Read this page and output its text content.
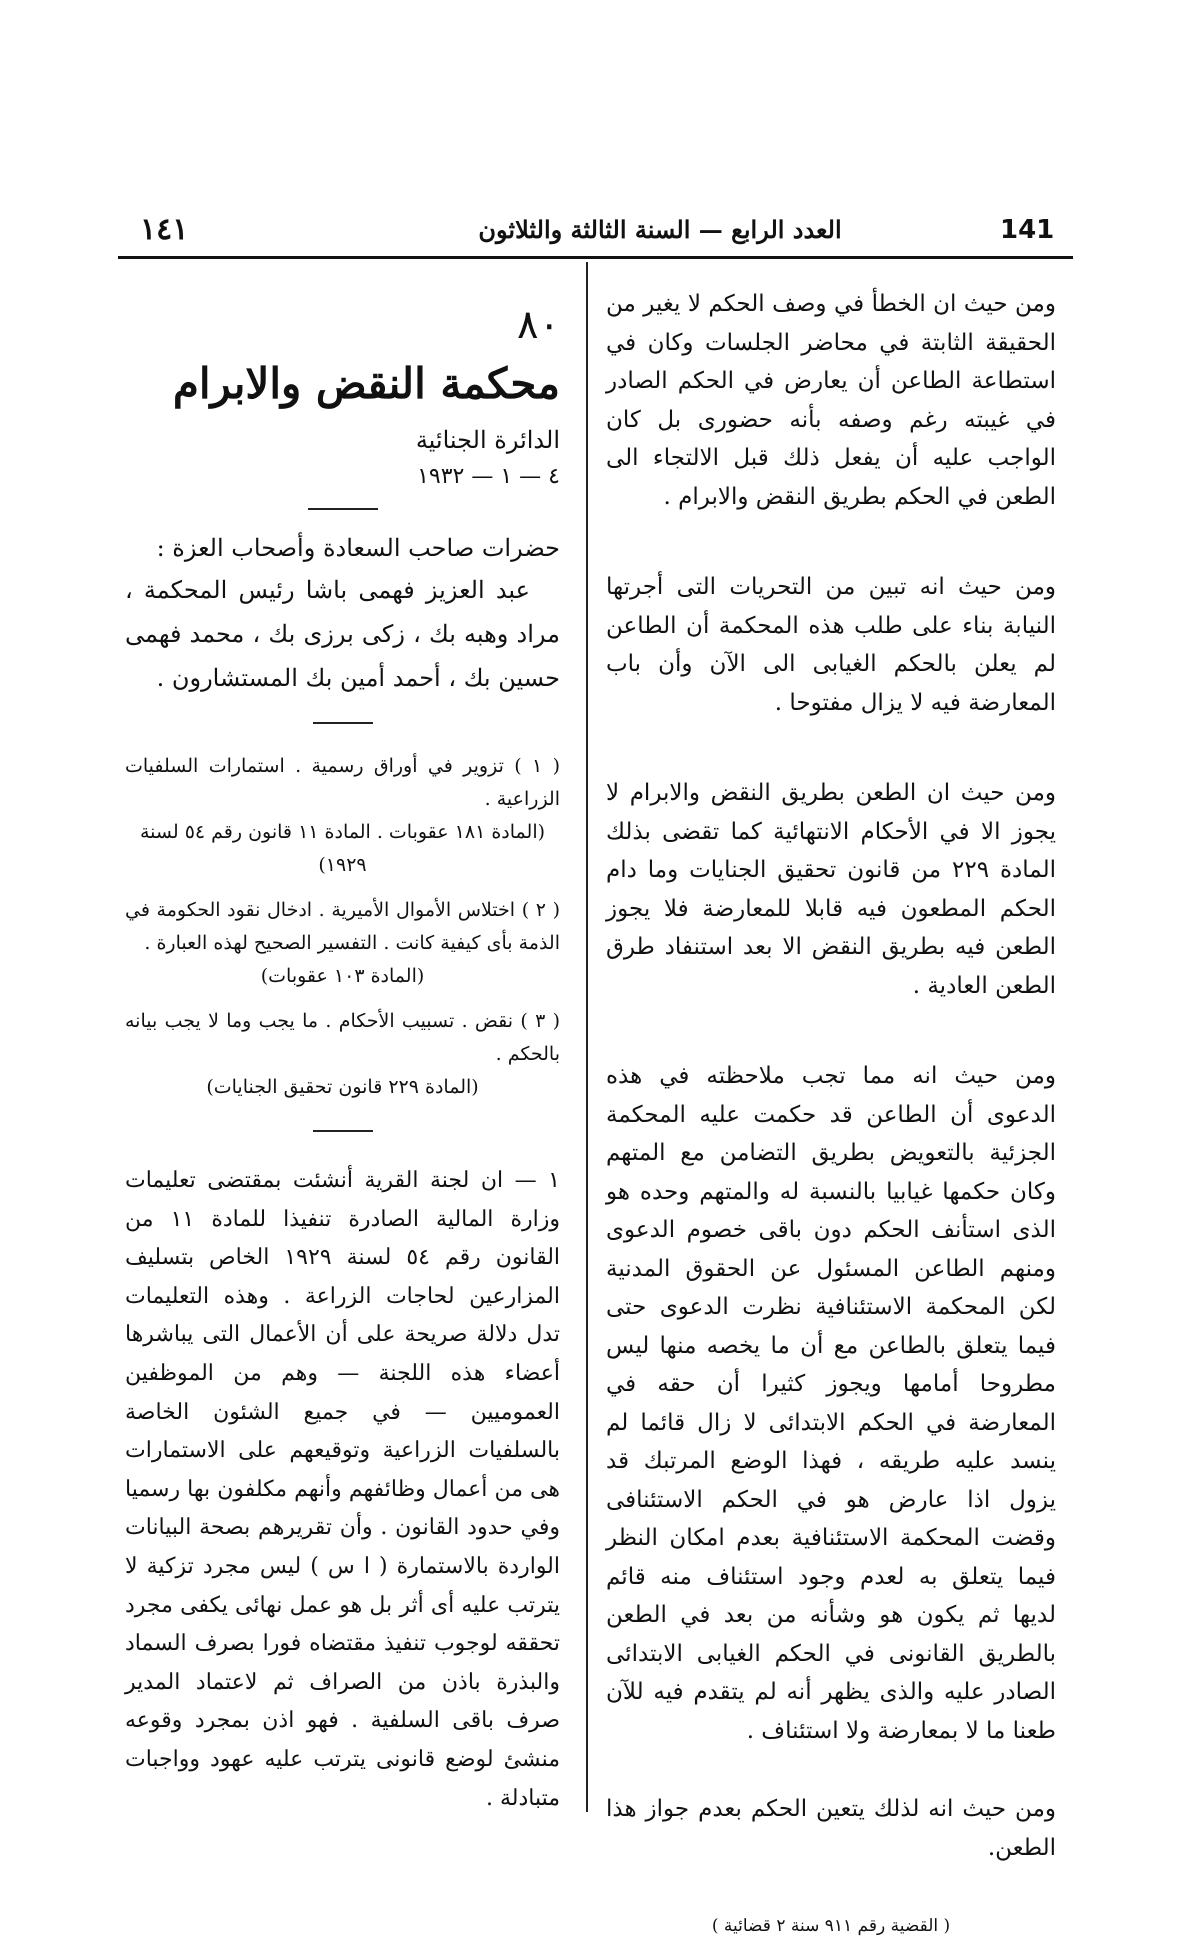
141
العدد الرابع — السنة الثالثة والثلاثون
١٤١

ومن حيث ان الخطأ في وصف الحكم لا يغير من الحقيقة الثابتة في محاضر الجلسات وكان في استطاعة الطاعن أن يعارض في الحكم الصادر في غيبته رغم وصفه بأنه حضورى بل كان الواجب عليه أن يفعل ذلك قبل الالتجاء الى الطعن في الحكم بطريق النقض والابرام .

ومن حيث انه تبين من التحريات التى أجرتها النيابة بناء على طلب هذه المحكمة أن الطاعن لم يعلن بالحكم الغيابى الى الآن وأن باب المعارضة فيه لا يزال مفتوحا .

ومن حيث ان الطعن بطريق النقض والابرام لا يجوز الا في الأحكام الانتهائية كما تقضى بذلك المادة ٢٢٩ من قانون تحقيق الجنايات وما دام الحكم المطعون فيه قابلا للمعارضة فلا يجوز الطعن فيه بطريق النقض الا بعد استنفاد طرق الطعن العادية .

ومن حيث انه مما تجب ملاحظته في هذه الدعوى أن الطاعن قد حكمت عليه المحكمة الجزئية بالتعويض بطريق التضامن مع المتهم وكان حكمها غيابيا بالنسبة له والمتهم وحده هو الذى استأنف الحكم دون باقى خصوم الدعوى ومنهم الطاعن المسئول عن الحقوق المدنية لكن المحكمة الاستئنافية نظرت الدعوى حتى فيما يتعلق بالطاعن مع أن ما يخصه منها ليس مطروحا أمامها ويجوز كثيرا أن حقه في المعارضة في الحكم الابتدائى لا زال قائما لم ينسد عليه طريقه ، فهذا الوضع المرتبك قد يزول اذا عارض هو في الحكم الاستئنافى وقضت المحكمة الاستئنافية بعدم امكان النظر فيما يتعلق به لعدم وجود استئناف منه قائم لديها ثم يكون هو وشأنه من بعد في الطعن بالطريق القانونى في الحكم الغيابى الابتدائى الصادر عليه والذى يظهر أنه لم يتقدم فيه للآن طعنا ما لا بمعارضة ولا استئناف .

ومن حيث انه لذلك يتعين الحكم بعدم جواز هذا الطعن.

( القضية رقم ٩١١ سنة ٢ قضائية )

٨٠

محكمة النقض والابرام

الدائرة الجنائية

٤ — ١ — ١٩٣٢

حضرات صاحب السعادة وأصحاب العزة :

عبد العزيز فهمى باشا رئيس المحكمة ، مراد وهبه بك ، زكى برزى بك ، محمد فهمى حسين بك ، أحمد أمين بك المستشارون .

( ١ ) تزوير في أوراق رسمية . استمارات السلفيات الزراعية .
(المادة ١٨١ عقوبات . المادة ١١ قانون رقم ٥٤ لسنة ١٩٢٩)
( ٢ ) اختلاس الأموال الأميرية . ادخال نقود الحكومة في الذمة بأى كيفية كانت . التفسير الصحيح لهذه العبارة .
(المادة ١٠٣ عقوبات)
( ٣ ) نقض . تسبيب الأحكام . ما يجب وما لا يجب بيانه بالحكم .
(المادة ٢٢٩ قانون تحقيق الجنايات)

١ — ان لجنة القرية أنشئت بمقتضى تعليمات وزارة المالية الصادرة تنفيذا للمادة ١١ من القانون رقم ٥٤ لسنة ١٩٢٩ الخاص بتسليف المزارعين لحاجات الزراعة . وهذه التعليمات تدل دلالة صريحة على أن الأعمال التى يباشرها أعضاء هذه اللجنة — وهم من الموظفين العموميين — في جميع الشئون الخاصة بالسلفيات الزراعية وتوقيعهم على الاستمارات هى من أعمال وظائفهم وأنهم مكلفون بها رسميا وفي حدود القانون . وأن تقريرهم بصحة البيانات الواردة بالاستمارة ( ا س ) ليس مجرد تزكية لا يترتب عليه أى أثر بل هو عمل نهائى يكفى مجرد تحققه لوجوب تنفيذ مقتضاه فورا بصرف السماد والبذرة باذن من الصراف ثم لاعتماد المدير صرف باقى السلفية . فهو اذن بمجرد وقوعه منشئ لوضع قانونى يترتب عليه عهود وواجبات متبادلة .
